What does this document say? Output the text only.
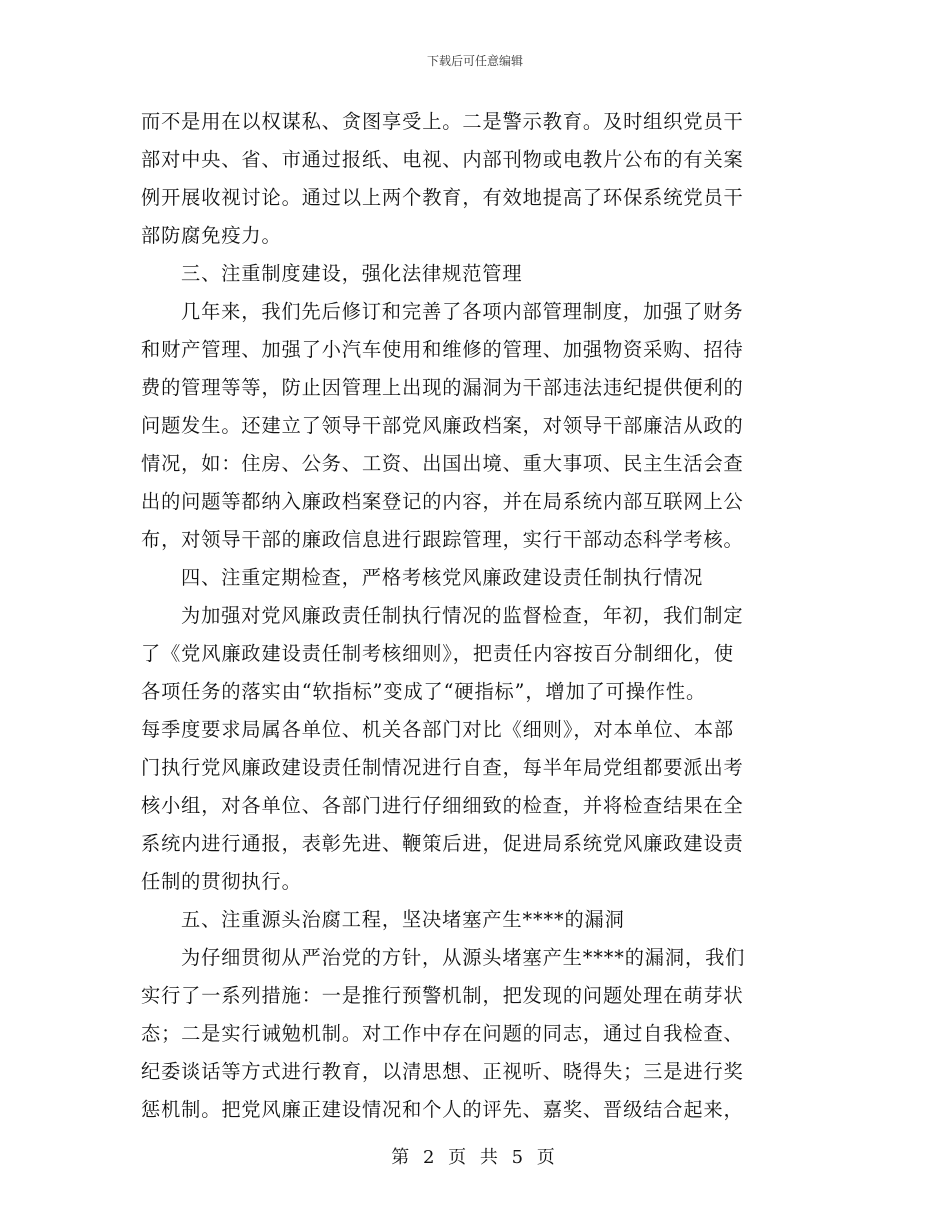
下载后可任意编辑
而不是用在以权谋私、贪图享受上。二是警示教育。及时组织党员干
部对中央、省、市通过报纸、电视、内部刊物或电教片公布的有关案
例开展收视讨论。通过以上两个教育，有效地提高了环保系统党员干
部防腐免疫力。
三、注重制度建设，强化法律规范管理
几年来，我们先后修订和完善了各项内部管理制度，加强了财务
和财产管理、加强了小汽车使用和维修的管理、加强物资采购、招待
费的管理等等，防止因管理上出现的漏洞为干部违法违纪提供便利的
问题发生。还建立了领导干部党风廉政档案，对领导干部廉洁从政的
情况，如：住房、公务、工资、出国出境、重大事项、民主生活会查
出的问题等都纳入廉政档案登记的内容，并在局系统内部互联网上公
布，对领导干部的廉政信息进行跟踪管理，实行干部动态科学考核。
四、注重定期检查，严格考核党风廉政建设责任制执行情况
为加强对党风廉政责任制执行情况的监督检查，年初，我们制定
了《党风廉政建设责任制考核细则》，把责任内容按百分制细化，使
各项任务的落实由“软指标”变成了“硬指标”，增加了可操作性。
每季度要求局属各单位、机关各部门对比《细则》，对本单位、本部
门执行党风廉政建设责任制情况进行自查，每半年局党组都要派出考
核小组，对各单位、各部门进行仔细细致的检查，并将检查结果在全
系统内进行通报，表彰先进、鞭策后进，促进局系统党风廉政建设责
任制的贯彻执行。
五、注重源头治腐工程，坚决堵塞产生****的漏洞
为仔细贯彻从严治党的方针，从源头堵塞产生****的漏洞，我们
实行了一系列措施：一是推行预警机制，把发现的问题处理在萌芽状
态；二是实行诫勉机制。对工作中存在问题的同志，通过自我检查、
纪委谈话等方式进行教育，以清思想、正视听、晓得失；三是进行奖
惩机制。把党风廉正建设情况和个人的评先、嘉奖、晋级结合起来，
第 2 页 共 5 页
